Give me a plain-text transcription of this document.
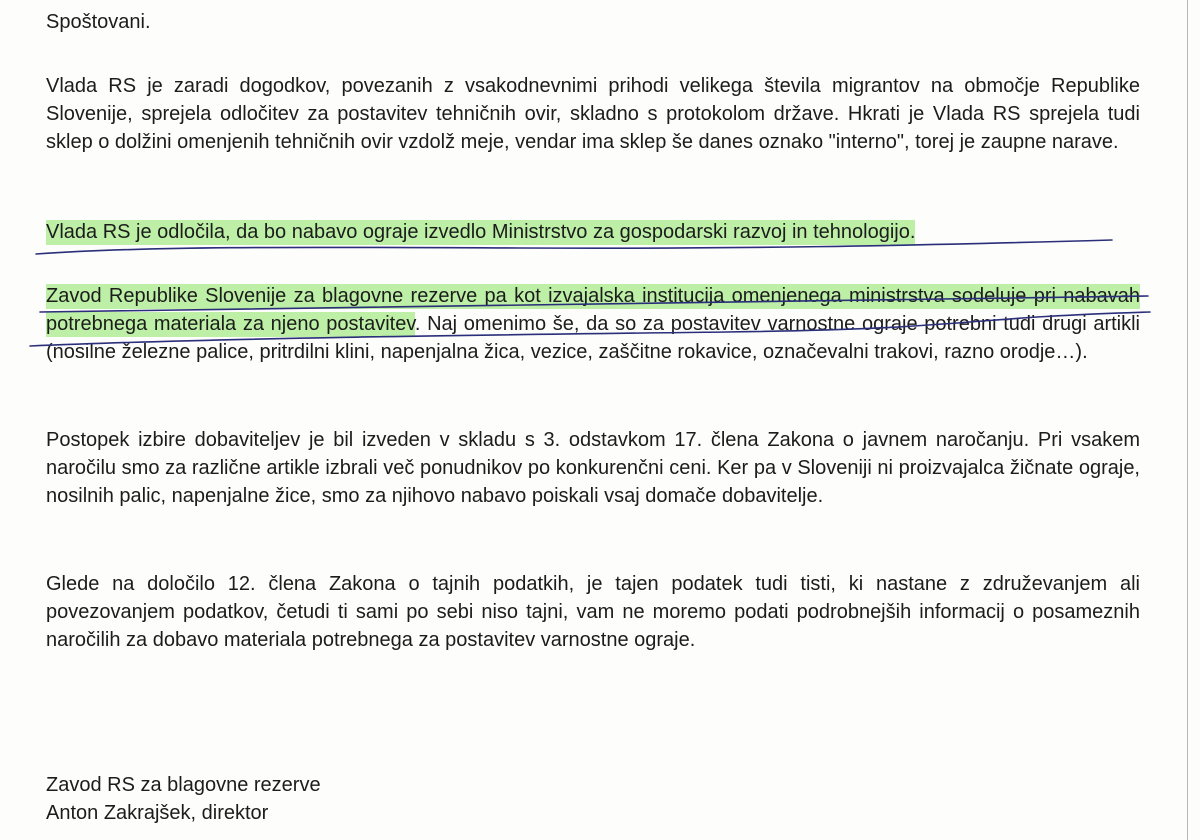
Spoštovani.

Vlada RS je zaradi dogodkov, povezanih z vsakodnevnimi prihodi velikega števila migrantov na območje Republike Slovenije, sprejela odločitev za postavitev tehničnih ovir, skladno s protokolom države. Hkrati je Vlada RS sprejela tudi sklep o dolžini omenjenih tehničnih ovir vzdolž meje, vendar ima sklep še danes oznako "interno", torej je zaupne narave.

Vlada RS je odločila, da bo nabavo ograje izvedlo Ministrstvo za gospodarski razvoj in tehnologijo.

Zavod Republike Slovenije za blagovne rezerve pa kot izvajalska institucija omenjenega ministrstva sodeluje pri nabavah potrebnega materiala za njeno postavitev. Naj omenimo še, da so za postavitev varnostne ograje potrebni tudi drugi artikli (nosilne železne palice, pritrdilni klini, napenjalna žica, vezice, zaščitne rokavice, označevalni trakovi, razno orodje…).

Postopek izbire dobaviteljev je bil izveden v skladu s 3. odstavkom 17. člena Zakona o javnem naročanju. Pri vsakem naročilu smo za različne artikle izbrali več ponudnikov po konkurenčni ceni. Ker pa v Sloveniji ni proizvajalca žičnate ograje, nosilnih palic, napenjalne žice, smo za njihovo nabavo poiskali vsaj domače dobavitelje.

Glede na določilo 12. člena Zakona o tajnih podatkih, je tajen podatek tudi tisti, ki nastane z združevanjem ali povezovanjem podatkov, četudi ti sami po sebi niso tajni, vam ne moremo podati podrobnejših informacij o posameznih naročilih za dobavo materiala potrebnega za postavitev varnostne ograje.

Zavod RS za blagovne rezerve
Anton Zakrajšek, direktor
